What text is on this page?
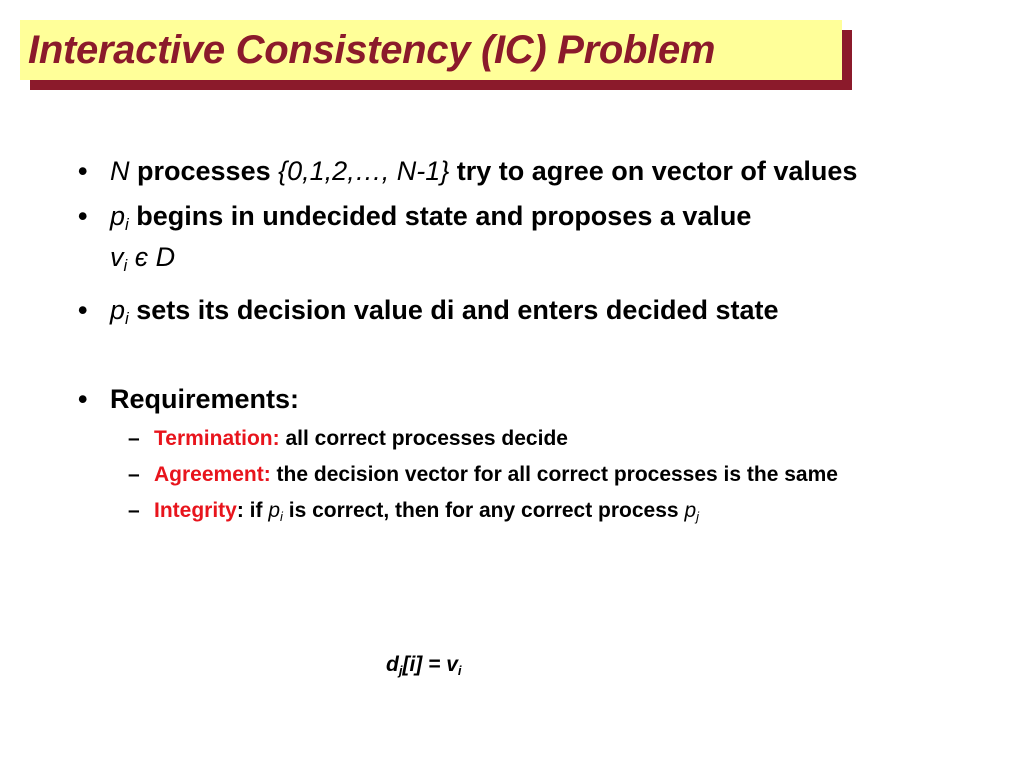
Interactive Consistency (IC) Problem
• N processes {0,1,2,…, N-1} try to agree on vector of values
• pi begins in undecided state and proposes a value
vi є D
• pi sets its decision value di and enters decided state
• Requirements:
– Termination: all correct processes decide
– Agreement: the decision vector for all correct processes is the same
– Integrity: if pi is correct, then for any correct process pj
dj[i] = vi
